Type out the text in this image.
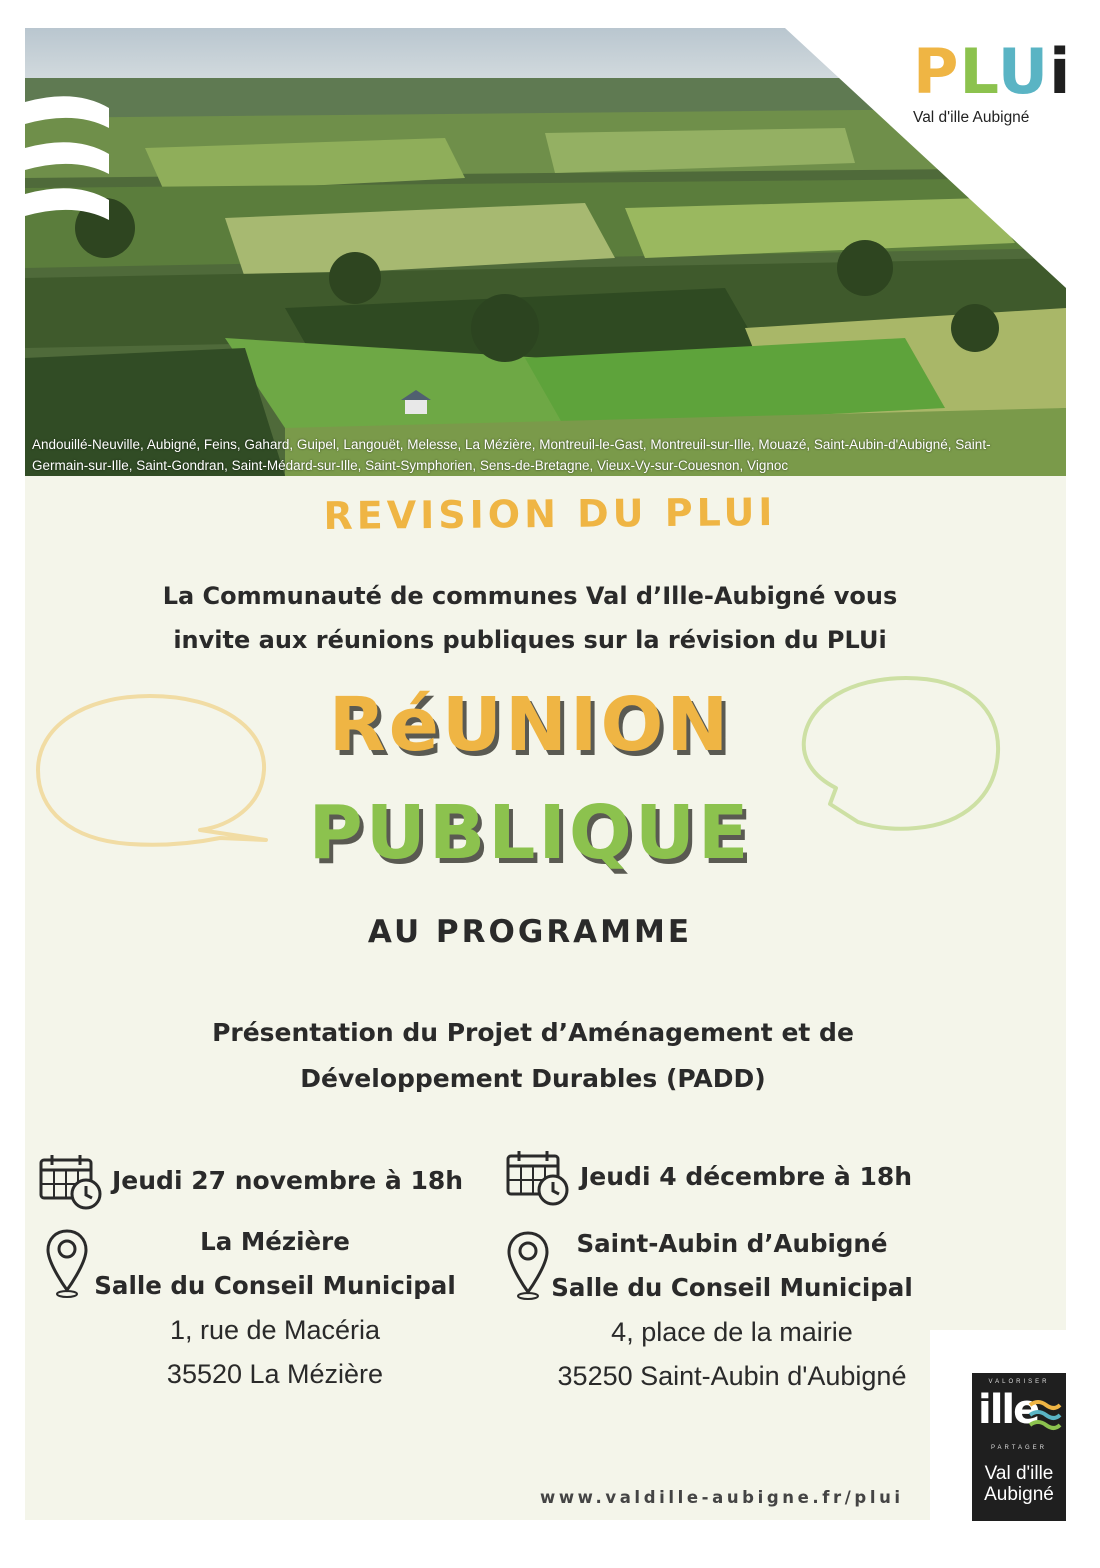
Andouillé-Neuville, Aubigné, Feins, Gahard, Guipel, Langouët, Melesse, La Mézière, Montreuil-le-Gast, Montreuil-sur-Ille, Mouazé, Saint-Aubin-d'Aubigné, Saint-Germain-sur-Ille, Saint-Gondran, Saint-Médard-sur-Ille, Saint-Symphorien, Sens-de-Bretagne, Vieux-Vy-sur-Couesnon, Vignoc
PLUi
Val d'ille Aubigné
REVISION DU PLUI
La Communauté de communes Val d’Ille-Aubigné vous
invite aux réunions publiques sur la révision du PLUi
RéUNION
PUBLIQUE
AU PROGRAMME
Présentation du Projet d’Aménagement et de
Développement Durables (PADD)
Jeudi 27 novembre à 18h
La Mézière
Salle du Conseil Municipal
1, rue de Macéria
35520 La Mézière
Jeudi 4 décembre à 18h
Saint-Aubin d’Aubigné
Salle du Conseil Municipal
4, place de la mairie
35250 Saint-Aubin d'Aubigné
www.valdille-aubigne.fr/plui
VALORISER
ille
PARTAGER
Val d'ille
Aubigné
